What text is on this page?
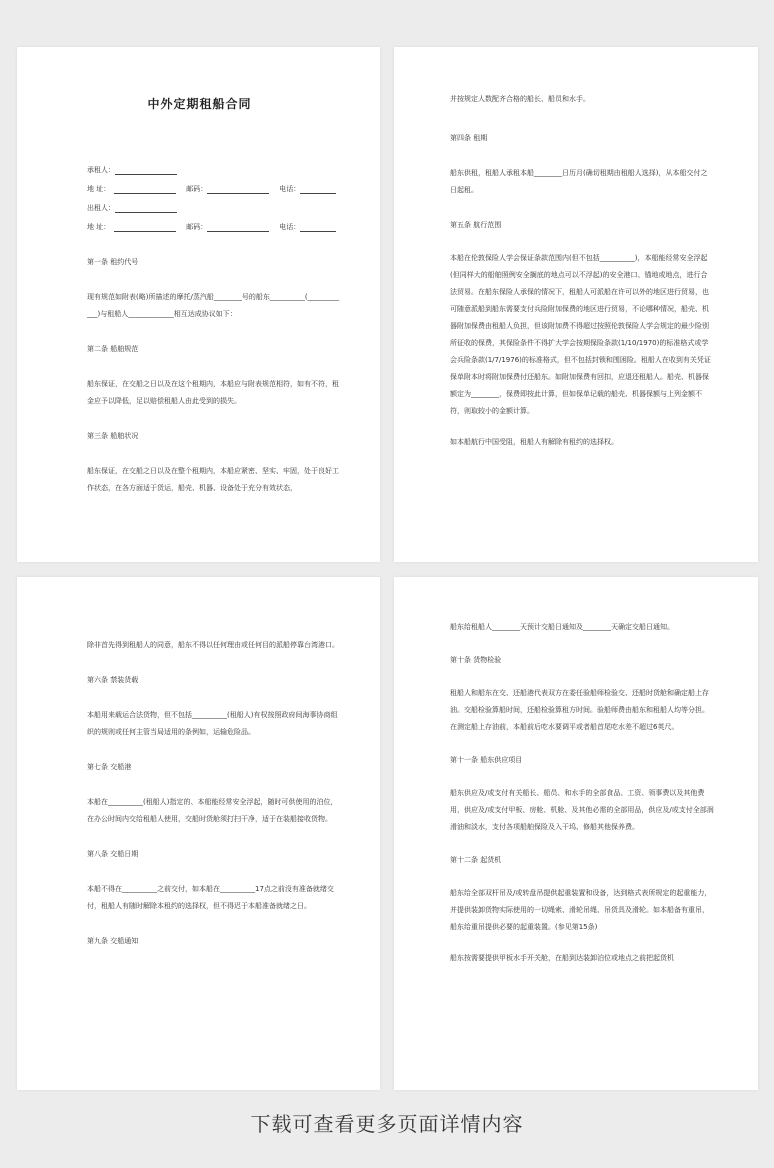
中外定期租船合同
承租人：
地 址：	邮码：	电话：
出租人：
地 址：	邮码：	电话：

第一条 租约代号

现有规范如附表(略)所描述的摩托/蒸汽船________号的船东__________(____________)与租船人_____________相互达成协议如下：

第二条 船舶规范

船东保证，在交船之日以及在这个租期内，本船应与附表规范相符，如有不符，租金应予以降低，足以赔偿租船人由此受到的损失。

第三条 船舶状况

船东保证，在交船之日以及在整个租期内，本船应紧密、坚实、牢固，处于良好工作状态，在各方面适于货运，船壳、机器、设备处于充分有效状态，

并按规定人数配齐合格的船长、船员和水手。

第四条 租期

船东供租，租船人承租本船________日历月(确切租期由租船人选择)，从本船交付之日起租。

第五条 航行范围

本船在伦敦保险人学会保证条款范围内(但不包括__________)，本船能经常安全浮起(但同样大的船舶照例安全搁底的地点可以不浮起)的安全港口、锚地或地点，进行合法贸易。在船东保险人承保的情况下，租船人可派船在许可以外的地区进行贸易，也可随意派船到船东需要支付兵险附加保费的地区进行贸易，不论哪种情况，船壳、机器附加保费由租船人负担，但该附加费不得超过按照伦敦保险人学会规定的最少险别所征收的保费，其保险条件不得扩大学会按期保险条款(1/10/1970)的标准格式或学会兵险条款(1/7/1976)的标准格式，但不包括封锁和围困险。租船人在收到有关凭证保单附本时将附加保费付还船东。如附加保费有回扣，应退还租船人。船壳、机器保额定为________，保费即按此计算，但如保单记载的船壳、机器保额与上列金额不符，则取较小的金额计算。

如本船航行中国受阻，租船人有解除有租约的选择权。

除非首先得到租船人的同意，船东不得以任何理由或任何目的派船停靠台湾港口。

第六条 禁装货载

本船用来载运合法货物，但不包括__________(租船人)有权按照政府间海事协商组织的规则或任何主管当局适用的条例如，运输危险品。

第七条 交船港

本船在__________(租船人)指定的、本船能经常安全浮起，随时可供使用的泊位，在办公时间内交给租船人使用，交船时货舱须打扫干净，适于在装船接收货物。

第八条 交船日期

本船不得在__________之前交付，如本船在__________17点之前没有准备就绪交付，租船人有随时解除本租约的选择权，但不得迟于本船准备就绪之日。

第九条 交船通知

船东给租船人________天预计交船日通知及________天确定交船日通知。

第十条 货物检验

租船人和船东在交、还船港代表双方在委任验船师检验交、还船时货舱和确定船上存油。交船检验算船时间，还船检验算租方时间。验船师费由船东和租船人均等分担。在测定船上存油前，本船前后吃水要调平或者船首尾吃水差不超过6英尺。

第十一条 船东供应项目

船东供应及/或支付有关船长、船员、和水手的全部食品、工资、领事费以及其他费用，供应及/或支付甲板、房舱、机舱、及其他必需的全部用品，供应及/或支付全部润滑油和淡水，支付各项船舶保险及入干坞、修船其他保养费。

第十二条 起货机

船东给全部双杆吊及/或转盘吊提供起重装置和设备，达到格式表所规定的起重能力，并提供装卸货物实际使用的一切绳索、滑轮吊绳、吊货具及滑轮。如本船备有重吊，船东给重吊提供必要的起重装置。(参见第15条)

船东按需要提供甲板水手开关舱，在船到达装卸泊位或地点之前把起货机

下载可查看更多页面详情内容
